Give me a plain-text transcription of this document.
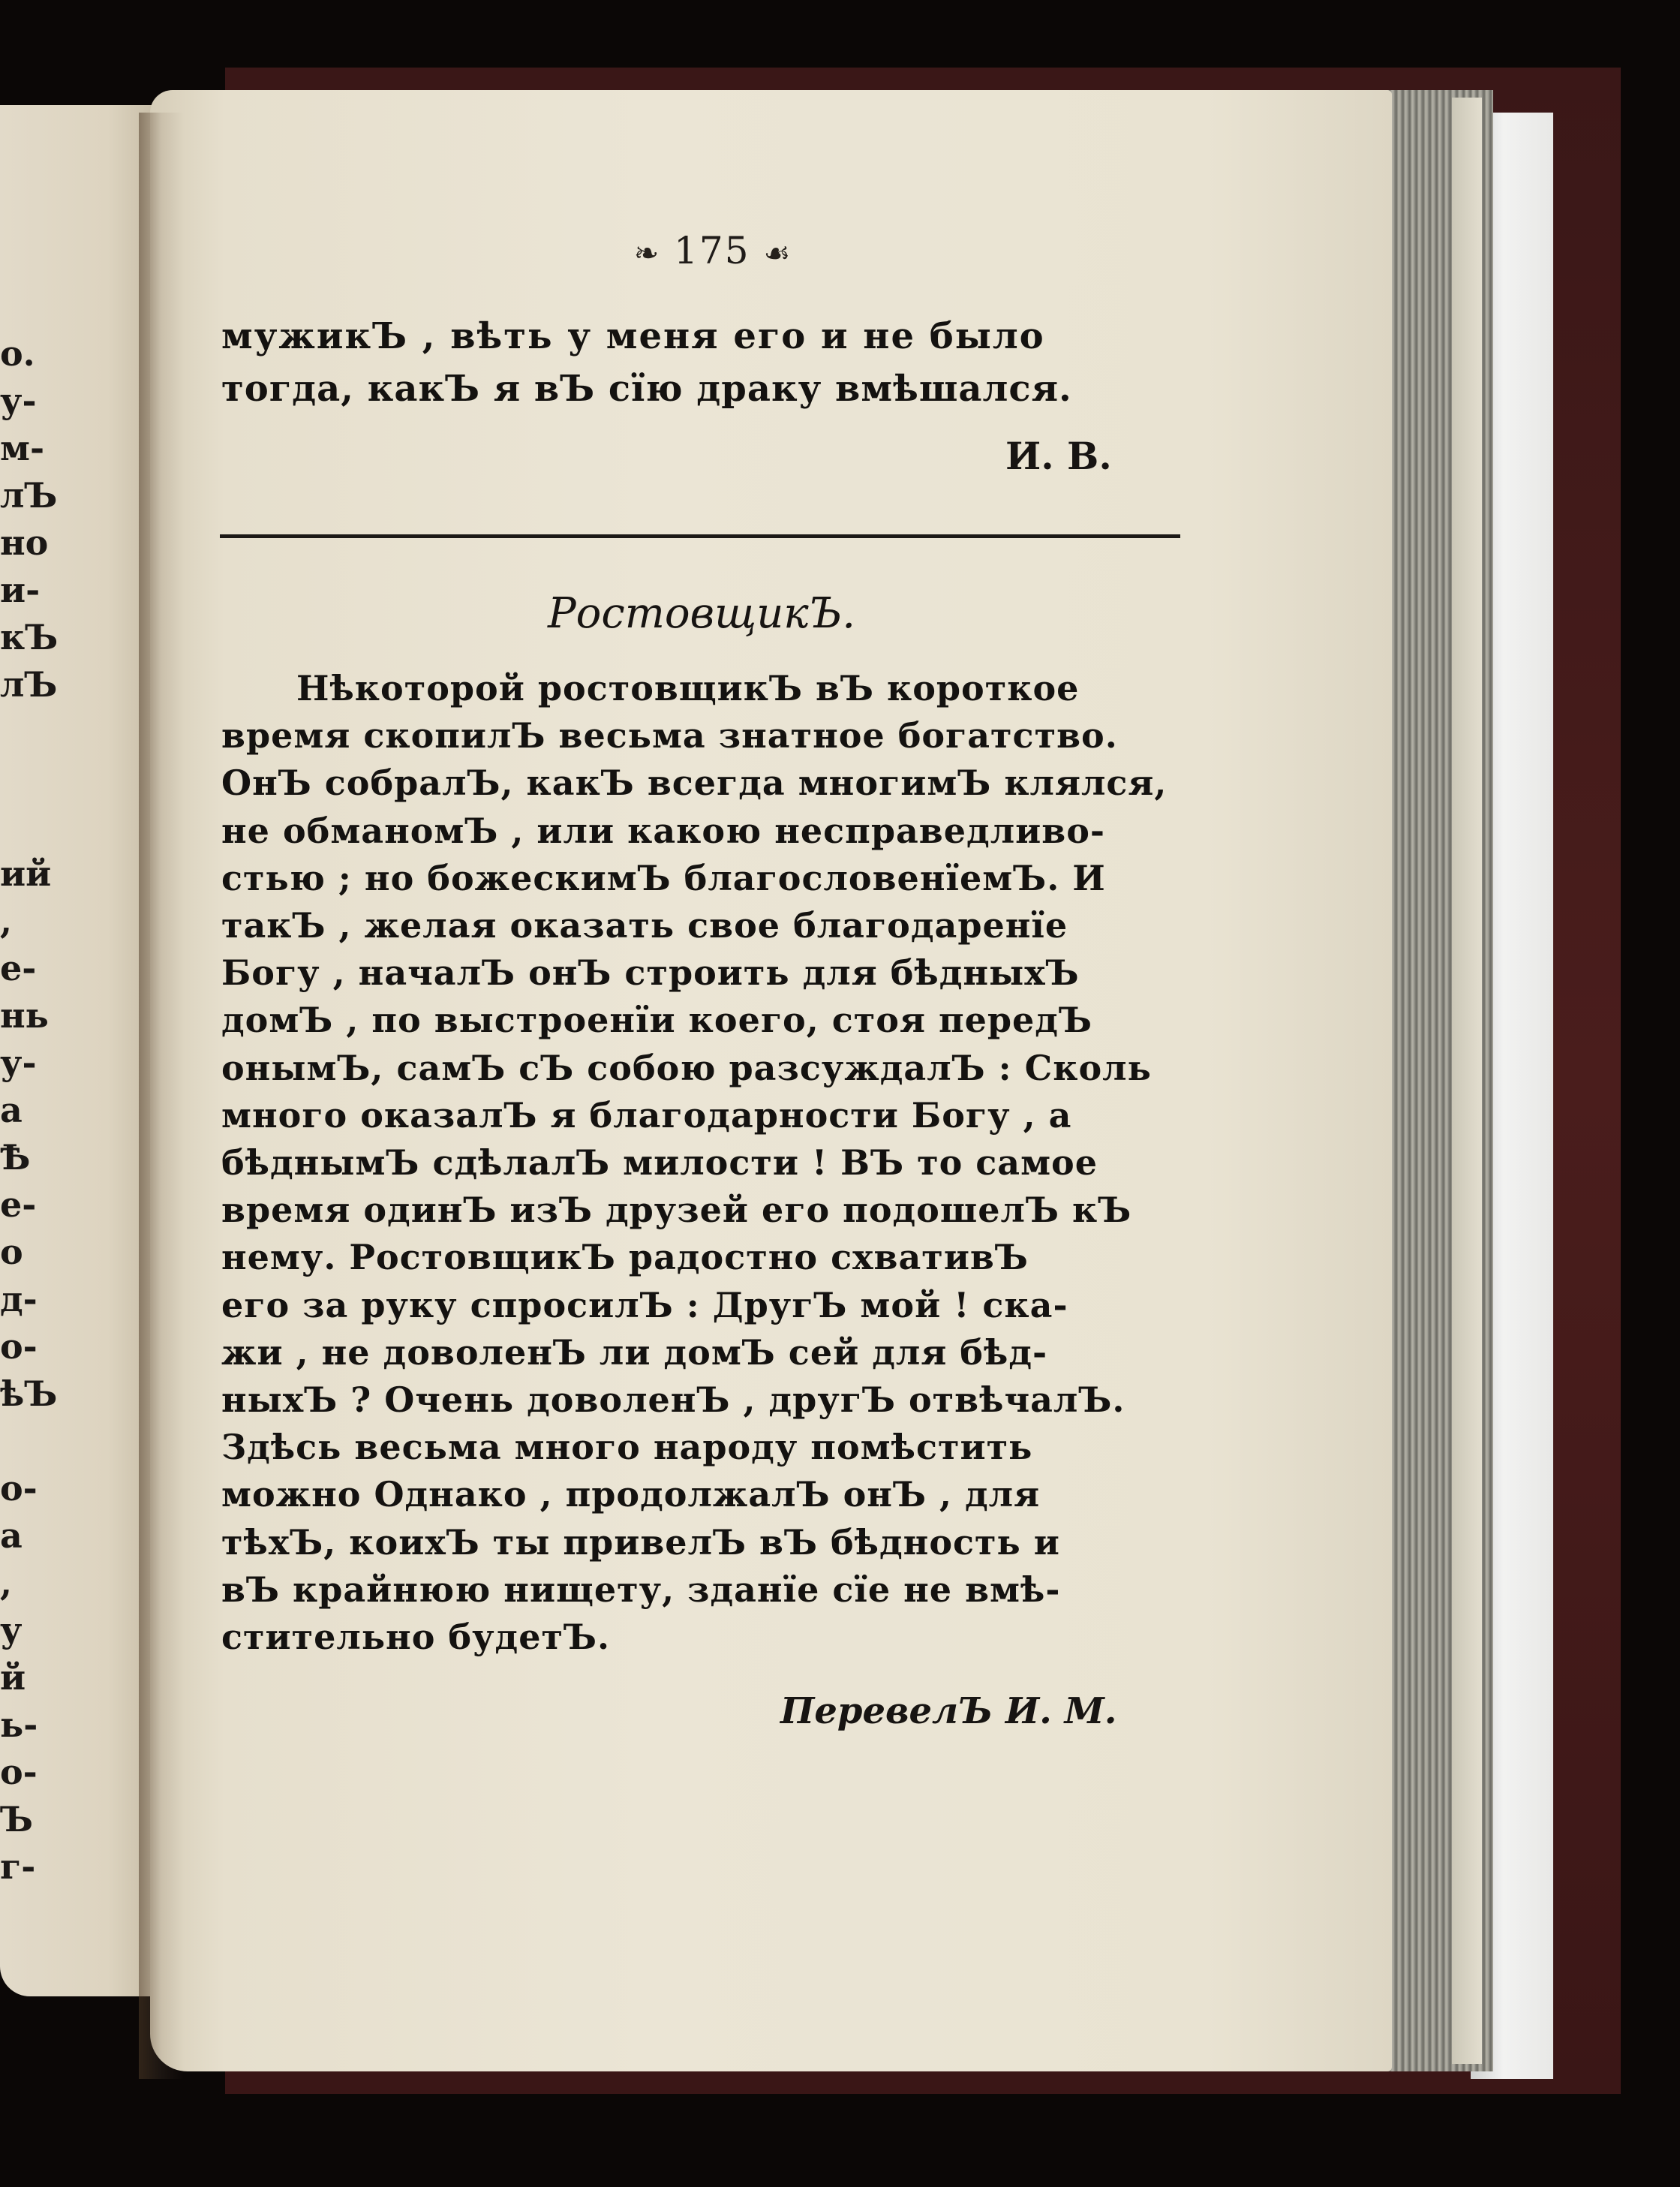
о.
у-
м-
лЪ
но
и-
кЪ
лЪ
ий
,
е-
нь
у-
а
Ѣ
е-
о
д-
о-
ѣЪ
о-
а
,
у
й
ь-
о-
Ъ
г-
❧ 175 ☙
мужикЪ , вѣть у меня его и не было
тогда, какЪ я вЪ сїю драку вмѣшался.
И. В.
РостовщикЪ.
Нѣкоторой ростовщикЪ вЪ короткое
время скопилЪ весьма знатное богатство.
ОнЪ собралЪ, какЪ всегда многимЪ клялся,
не обманомЪ , или какою несправедливо-
стью ; но божескимЪ благословенїемЪ. И
такЪ , желая оказать свое благодаренїе
Богу , началЪ онЪ строить для бѣдныхЪ
домЪ , по выстроенїи коего, стоя передЪ
онымЪ, самЪ сЪ собою разсуждалЪ : Сколь
много оказалЪ я благодарности Богу , а
бѣднымЪ сдѣлалЪ милости ! ВЪ то самое
время одинЪ изЪ друзей его подошелЪ кЪ
нему. РостовщикЪ радостно схвативЪ
его за руку спросилЪ : ДругЪ мой ! ска-
жи , не доволенЪ ли домЪ сей для бѣд-
ныхЪ ? Очень доволенЪ , другЪ отвѣчалЪ.
Здѣсь весьма много народу помѣстить
можно Однако , продолжалЪ онЪ , для
тѣхЪ, коихЪ ты привелЪ вЪ бѣдность и
вЪ крайнюю нищету, зданїе сїе не вмѣ-
стительно будетЪ.
ПеревелЪ И. М.
